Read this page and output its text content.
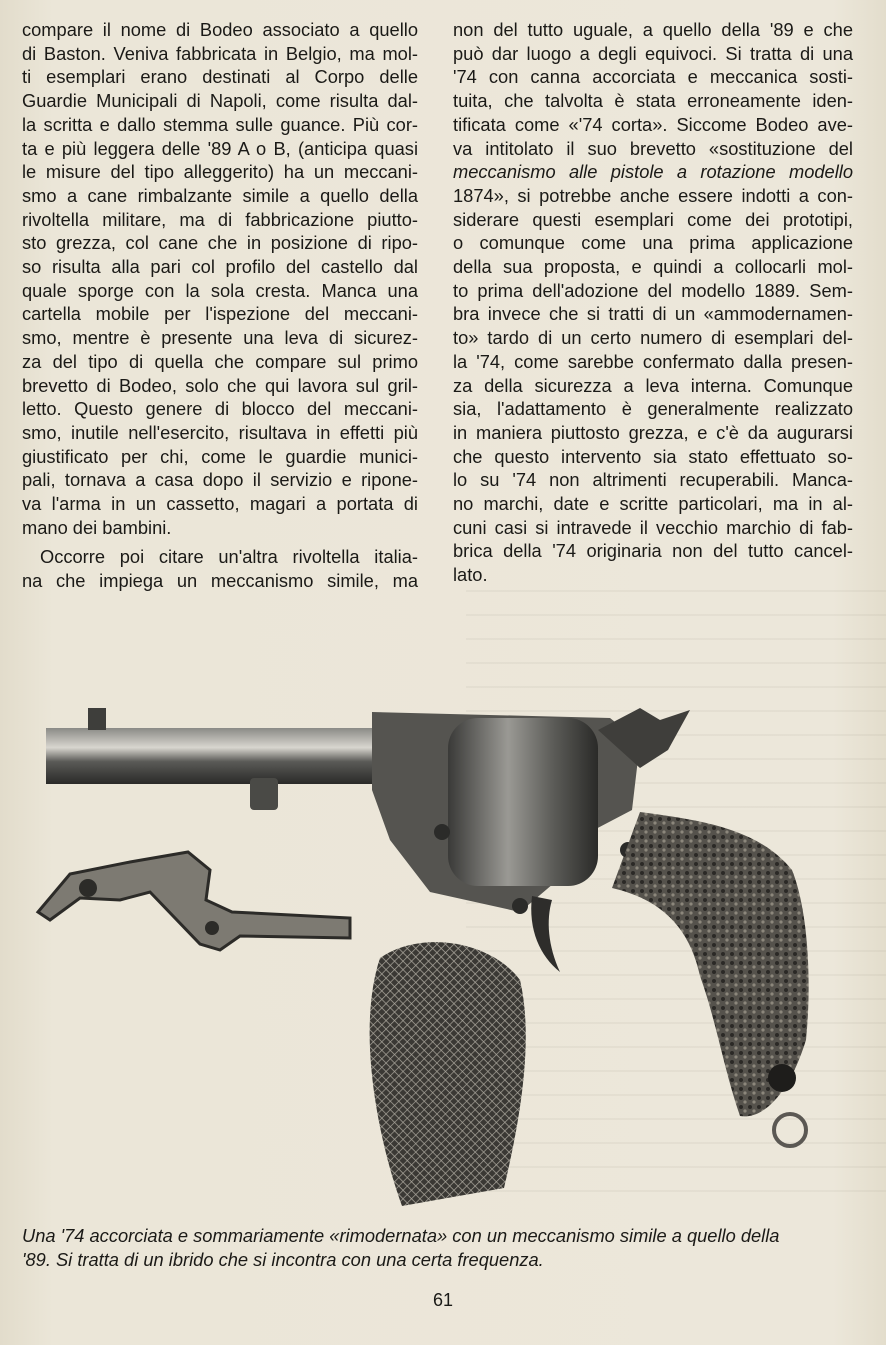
compare il nome di Bodeo associato a quello
di Baston. Veniva fabbricata in Belgio, ma mol-
ti esemplari erano destinati al Corpo delle
Guardie Municipali di Napoli, come risulta dal-
la scritta e dallo stemma sulle guance. Più cor-
ta e più leggera delle '89 A o B, (anticipa quasi
le misure del tipo alleggerito) ha un meccani-
smo a cane rimbalzante simile a quello della
rivoltella militare, ma di fabbricazione piutto-
sto grezza, col cane che in posizione di ripo-
so risulta alla pari col profilo del castello dal
quale sporge con la sola cresta. Manca una
cartella mobile per l'ispezione del meccani-
smo, mentre è presente una leva di sicurez-
za del tipo di quella che compare sul primo
brevetto di Bodeo, solo che qui lavora sul gril-
letto. Questo genere di blocco del meccani-
smo, inutile nell'esercito, risultava in effetti più
giustificato per chi, come le guardie munici-
pali, tornava a casa dopo il servizio e ripone-
va l'arma in un cassetto, magari a portata di
mano dei bambini.

Occorre poi citare un'altra rivoltella italia-
na che impiega un meccanismo simile, ma

non del tutto uguale, a quello della '89 e che
può dar luogo a degli equivoci. Si tratta di una
'74 con canna accorciata e meccanica sosti-
tuita, che talvolta è stata erroneamente iden-
tificata come «'74 corta». Siccome Bodeo ave-
va intitolato il suo brevetto «sostituzione del
meccanismo alle pistole a rotazione modello
1874», si potrebbe anche essere indotti a con-
siderare questi esemplari come dei prototipi,
o comunque come una prima applicazione
della sua proposta, e quindi a collocarli mol-
to prima dell'adozione del modello 1889. Sem-
bra invece che si tratti di un «ammodernamen-
to» tardo di un certo numero di esemplari del-
la '74, come sarebbe confermato dalla presen-
za della sicurezza a leva interna. Comunque
sia, l'adattamento è generalmente realizzato
in maniera piuttosto grezza, e c'è da augurarsi
che questo intervento sia stato effettuato so-
lo su '74 non altrimenti recuperabili. Manca-
no marchi, date e scritte particolari, ma in al-
cuni casi si intravede il vecchio marchio di fab-
brica della '74 originaria non del tutto cancel-
lato.

Una '74 accorciata e sommariamente «rimodernata» con un meccanismo simile a quello della
'89. Si tratta di un ibrido che si incontra con una certa frequenza.
61
